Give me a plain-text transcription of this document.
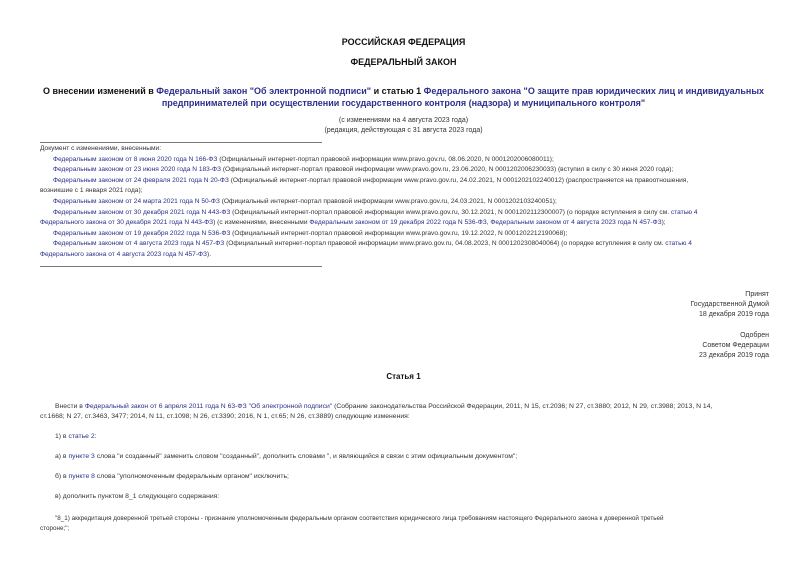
РОССИЙСКАЯ ФЕДЕРАЦИЯ
ФЕДЕРАЛЬНЫЙ ЗАКОН
О внесении изменений в Федеральный закон "Об электронной подписи" и статью 1 Федерального закона "О защите прав юридических лиц и индивидуальных
предпринимателей при осуществлении государственного контроля (надзора) и муниципального контроля"
(с изменениями на 4 августа 2023 года)
(редакция, действующая с 31 августа 2023 года)
Документ с изменениями, внесенными:
Федеральным законом от 8 июня 2020 года N 166-ФЗ (Официальный интернет-портал правовой информации www.pravo.gov.ru, 08.06.2020, N 0001202006080011);
Федеральным законом от 23 июня 2020 года N 183-ФЗ (Официальный интернет-портал правовой информации www.pravo.gov.ru, 23.06.2020, N 0001202006230033) (вступил в силу с 30 июня 2020 года);
Федеральным законом от 24 февраля 2021 года N 20-ФЗ (Официальный интернет-портал правовой информации www.pravo.gov.ru, 24.02.2021, N 0001202102240012) (распространяется на правоотношения,
возникшие с 1 января 2021 года);
Федеральным законом от 24 марта 2021 года N 50-ФЗ (Официальный интернет-портал правовой информации www.pravo.gov.ru, 24.03.2021, N 0001202103240051);
Федеральным законом от 30 декабря 2021 года N 443-ФЗ (Официальный интернет-портал правовой информации www.pravo.gov.ru, 30.12.2021, N 0001202112300007) (о порядке вступления в силу см. статью 4
Федерального закона от 30 декабря 2021 года N 443-ФЗ) (с изменениями, внесенными Федеральным законом от 19 декабря 2022 года N 536-ФЗ, Федеральным законом от 4 августа 2023 года N 457-ФЗ);
Федеральным законом от 19 декабря 2022 года N 536-ФЗ (Официальный интернет-портал правовой информации www.pravo.gov.ru, 19.12.2022, N 0001202212190068);
Федеральным законом от 4 августа 2023 года N 457-ФЗ (Официальный интернет-портал правовой информации www.pravo.gov.ru, 04.08.2023, N 0001202308040064) (о порядке вступления в силу см. статью 4
Федерального закона от 4 августа 2023 года N 457-ФЗ).
Принят
Государственной Думой
18 декабря 2019 года
Одобрен
Советом Федерации
23 декабря 2019 года
Статья 1
Внести в Федеральный закон от 6 апреля 2011 года N 63-ФЗ "Об электронной подписи" (Собрание законодательства Российской Федерации, 2011, N 15, ст.2036; N 27, ст.3880; 2012, N 29, ст.3988; 2013, N 14,
ст.1668; N 27, ст.3463, 3477; 2014, N 11, ст.1098; N 26, ст.3390; 2016, N 1, ст.65; N 26, ст.3889) следующие изменения:
1) в статье 2:
а) в пункте 3 слова "и созданный" заменить словом "созданный", дополнить словами ", и являющийся в связи с этим официальным документом";
б) в пункте 8 слова "уполномоченным федеральным органом" исключить;
в) дополнить пунктом 8_1 следующего содержания:
"8_1) аккредитация доверенной третьей стороны - признание уполномоченным федеральным органом соответствия юридического лица требованиям настоящего Федерального закона к доверенной третьей
стороне;";
